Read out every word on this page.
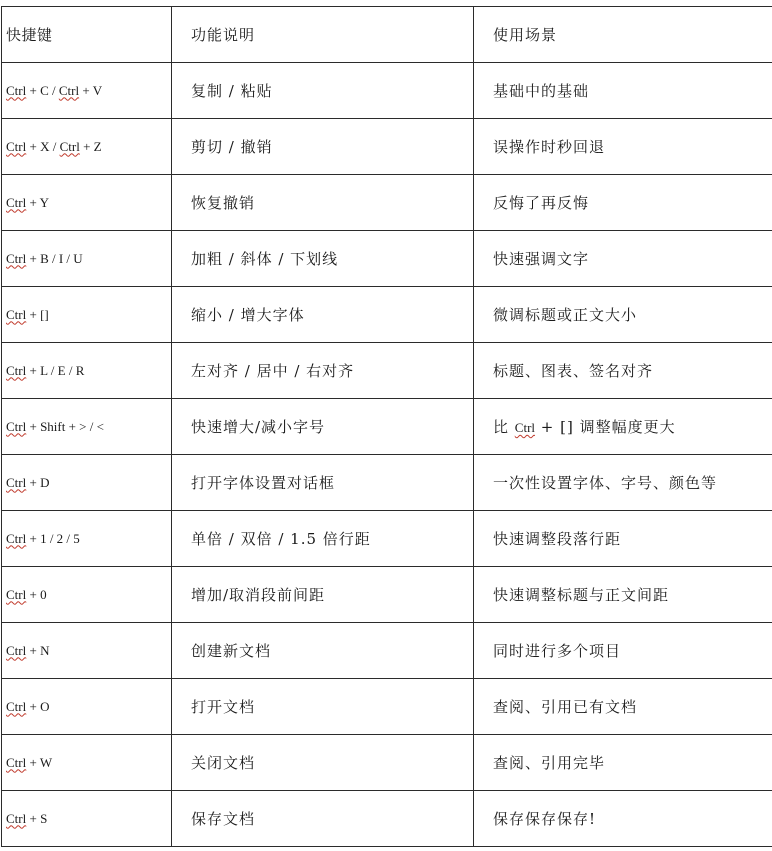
快捷键	功能说明	使用场景
Ctrl + C / Ctrl + V	复制 / 粘贴	基础中的基础
Ctrl + X / Ctrl + Z	剪切 / 撤销	误操作时秒回退
Ctrl + Y	恢复撤销	反悔了再反悔
Ctrl + B / I / U	加粗 / 斜体 / 下划线	快速强调文字
Ctrl + []	缩小 / 增大字体	微调标题或正文大小
Ctrl + L / E / R	左对齐 / 居中 / 右对齐	标题、图表、签名对齐
Ctrl + Shift + > / <	快速增大/减小字号	比 Ctrl + [] 调整幅度更大
Ctrl + D	打开字体设置对话框	一次性设置字体、字号、颜色等
Ctrl + 1 / 2 / 5	单倍 / 双倍 / 1.5 倍行距	快速调整段落行距
Ctrl + 0	增加/取消段前间距	快速调整标题与正文间距
Ctrl + N	创建新文档	同时进行多个项目
Ctrl + O	打开文档	查阅、引用已有文档
Ctrl + W	关闭文档	查阅、引用完毕
Ctrl + S	保存文档	保存保存保存!
